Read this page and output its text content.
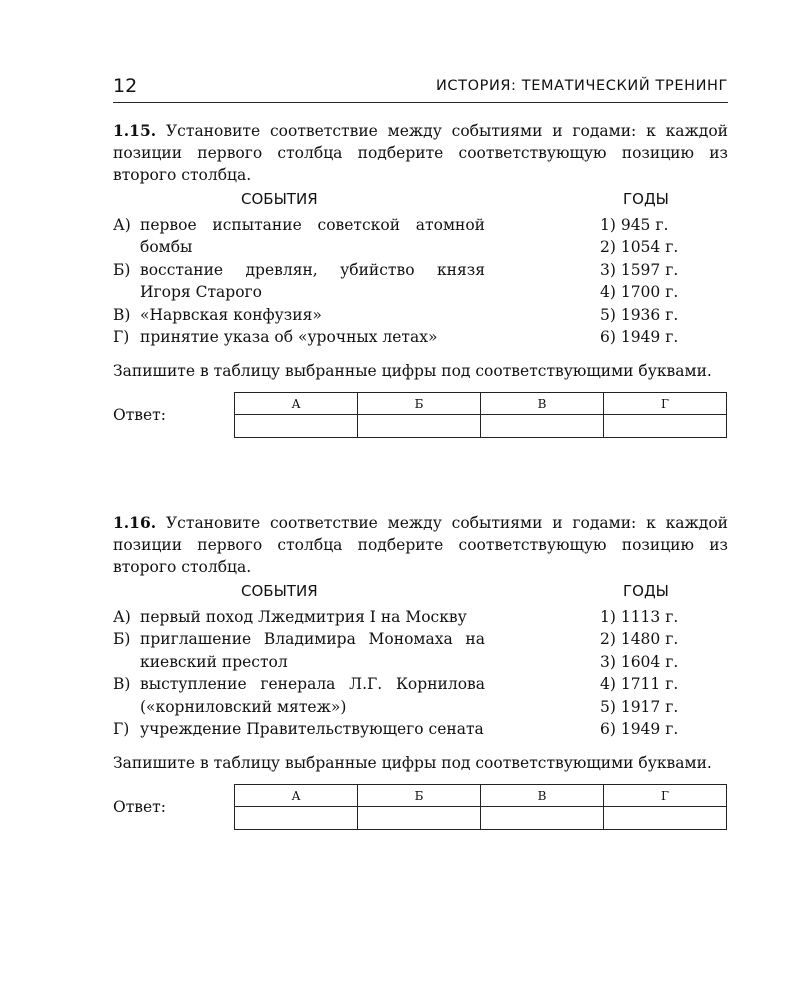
12	ИСТОРИЯ: ТЕМАТИЧЕСКИЙ ТРЕНИНГ

1.15. Установите соответствие между событиями и годами: к каждой позиции первого столбца подберите соответствующую позицию из второго столбца.

СОБЫТИЯ	ГОДЫ
А) первое испытание советской атомной бомбы
Б) восстание древлян, убийство князя Игоря Старого
В) «Нарвская конфузия»
Г) принятие указа об «урочных летах»
1) 945 г.
2) 1054 г.
3) 1597 г.
4) 1700 г.
5) 1936 г.
6) 1949 г.

Запишите в таблицу выбранные цифры под соответствующими буквами.

Ответ:
А	Б	В	Г

1.16. Установите соответствие между событиями и годами: к каждой позиции первого столбца подберите соответствующую позицию из второго столбца.

СОБЫТИЯ	ГОДЫ
А) первый поход Лжедмитрия I на Москву
Б) приглашение Владимира Мономаха на киевский престол
В) выступление генерала Л.Г. Корнилова («корниловский мятеж»)
Г) учреждение Правительствующего сената
1) 1113 г.
2) 1480 г.
3) 1604 г.
4) 1711 г.
5) 1917 г.
6) 1949 г.

Запишите в таблицу выбранные цифры под соответствующими буквами.

Ответ:
А	Б	В	Г
